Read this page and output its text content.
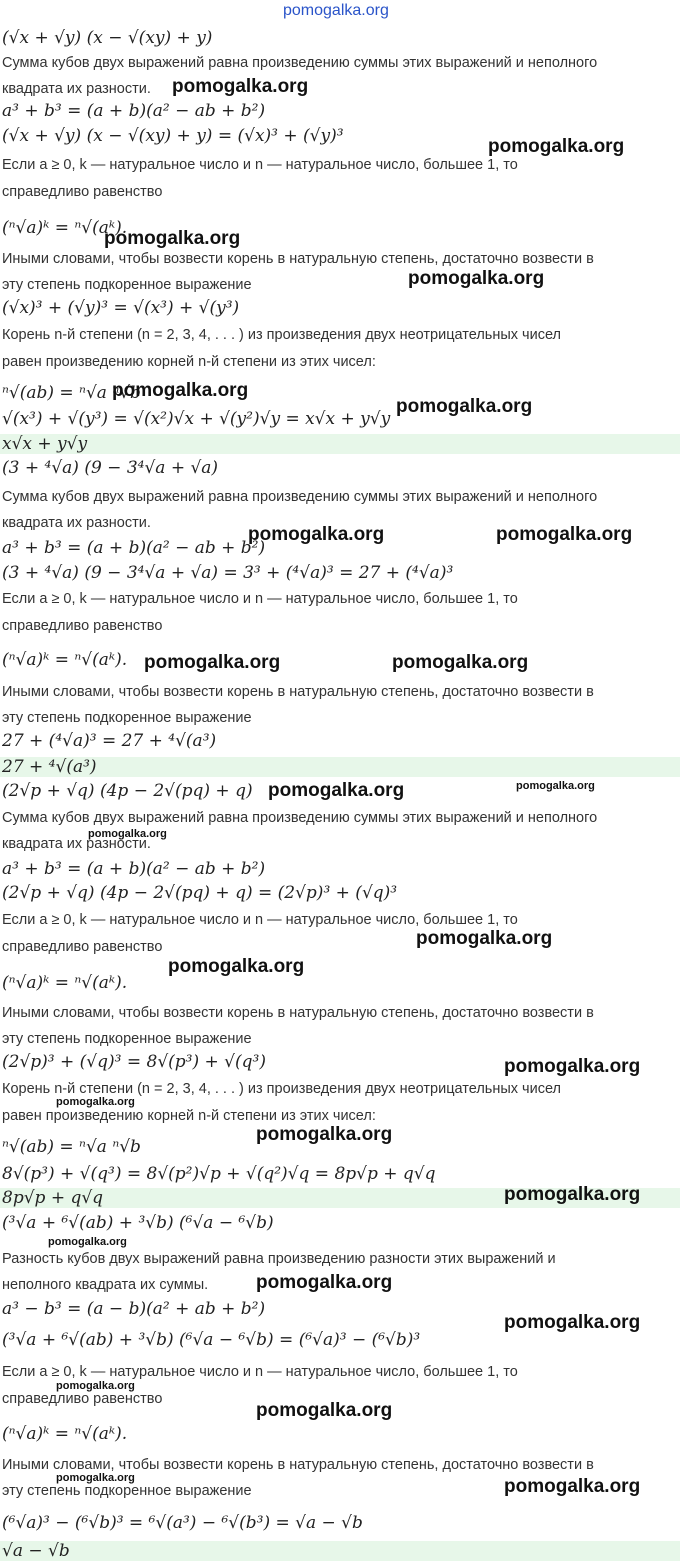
pomogalka.org
(√x + √y) (x − √(xy) + y)
Сумма кубов двух выражений равна произведению суммы этих выражений и неполного
квадрата их разности.
a³ + b³ = (a + b)(a² − ab + b²)
(√x + √y) (x − √(xy) + y) = (√x)³ + (√y)³
Если a ≥ 0, k — натуральное число и n — натуральное число, большее 1, то
справедливо равенство
(ⁿ√a)ᵏ = ⁿ√(aᵏ).
Иными словами, чтобы возвести корень в натуральную степень, достаточно возвести в
эту степень подкоренное выражение
(√x)³ + (√y)³ = √(x³) + √(y³)
Корень n-й степени (n = 2, 3, 4, . . . ) из произведения двух неотрицательных чисел
равен произведению корней n-й степени из этих чисел:
ⁿ√(ab) = ⁿ√a ⁿ√b
√(x³) + √(y³) = √(x²)√x + √(y²)√y = x√x + y√y
x√x + y√y
(3 + ⁴√a) (9 − 3⁴√a + √a)
Сумма кубов двух выражений равна произведению суммы этих выражений и неполного
квадрата их разности.
a³ + b³ = (a + b)(a² − ab + b²)
(3 + ⁴√a) (9 − 3⁴√a + √a) = 3³ + (⁴√a)³ = 27 + (⁴√a)³
Если a ≥ 0, k — натуральное число и n — натуральное число, большее 1, то
справедливо равенство
(ⁿ√a)ᵏ = ⁿ√(aᵏ).
Иными словами, чтобы возвести корень в натуральную степень, достаточно возвести в
эту степень подкоренное выражение
27 + (⁴√a)³ = 27 + ⁴√(a³)
27 + ⁴√(a³)
(2√p + √q) (4p − 2√(pq) + q)
Сумма кубов двух выражений равна произведению суммы этих выражений и неполного
квадрата их разности.
a³ + b³ = (a + b)(a² − ab + b²)
(2√p + √q) (4p − 2√(pq) + q) = (2√p)³ + (√q)³
Если a ≥ 0, k — натуральное число и n — натуральное число, большее 1, то
справедливо равенство
(ⁿ√a)ᵏ = ⁿ√(aᵏ).
Иными словами, чтобы возвести корень в натуральную степень, достаточно возвести в
эту степень подкоренное выражение
(2√p)³ + (√q)³ = 8√(p³) + √(q³)
Корень n-й степени (n = 2, 3, 4, . . . ) из произведения двух неотрицательных чисел
равен произведению корней n-й степени из этих чисел:
ⁿ√(ab) = ⁿ√a ⁿ√b
8√(p³) + √(q³) = 8√(p²)√p + √(q²)√q = 8p√p + q√q
8p√p + q√q
(³√a + ⁶√(ab) + ³√b) (⁶√a − ⁶√b)
Разность кубов двух выражений равна произведению разности этих выражений и
неполного квадрата их суммы.
a³ − b³ = (a − b)(a² + ab + b²)
(³√a + ⁶√(ab) + ³√b) (⁶√a − ⁶√b) = (⁶√a)³ − (⁶√b)³
Если a ≥ 0, k — натуральное число и n — натуральное число, большее 1, то
справедливо равенство
(ⁿ√a)ᵏ = ⁿ√(aᵏ).
Иными словами, чтобы возвести корень в натуральную степень, достаточно возвести в
эту степень подкоренное выражение
(⁶√a)³ − (⁶√b)³ = ⁶√(a³) − ⁶√(b³) = √a − √b
√a − √b
pomogalka.org
pomogalka.org
pomogalka.org
pomogalka.org
pomogalka.org
pomogalka.org
pomogalka.org	pomogalka.org
pomogalka.org	pomogalka.org
pomogalka.org	pomogalka.org
pomogalka.org
pomogalka.org
pomogalka.org
pomogalka.org
pomogalka.org
pomogalka.org
pomogalka.org
pomogalka.org
pomogalka.org
pomogalka.org
pomogalka.org
pomogalka.org
pomogalka.org	pomogalka.org
